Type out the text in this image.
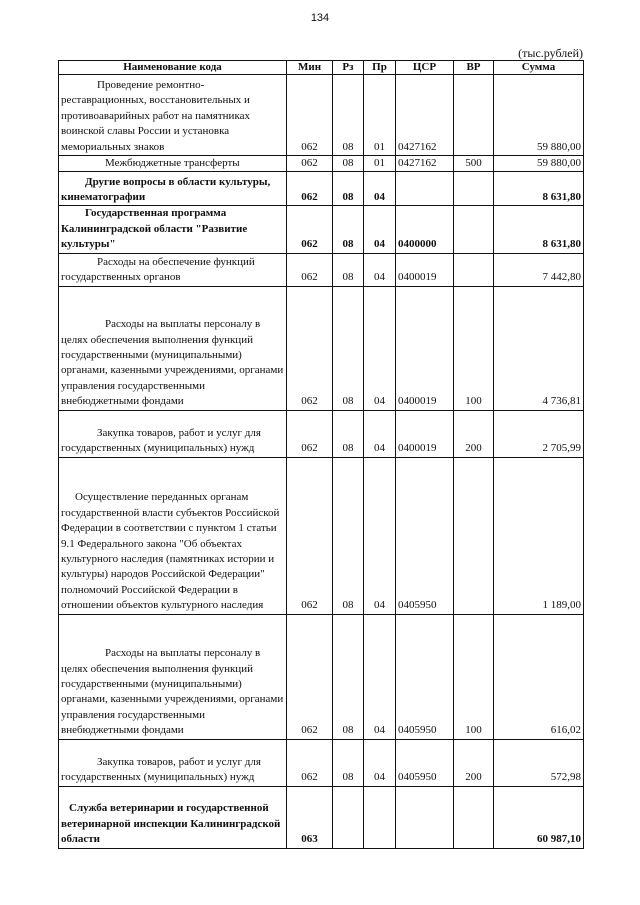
134
(тыс.рублей)
Наименование кода	Мин	Рз	Пр	ЦСР	ВР	Сумма
Проведение ремонтно-реставрационных, восстановительных и противоаварийных работ на памятниках воинской славы России и установка мемориальных знаков	062	08	01	0427162		59 880,00
Межбюджетные трансферты	062	08	01	0427162	500	59 880,00
Другие вопросы в области культуры, кинематографии	062	08	04			8 631,80
Государственная программа Калининградской области "Развитие культуры"	062	08	04	0400000		8 631,80
Расходы на обеспечение функций государственных органов	062	08	04	0400019		7 442,80
Расходы на выплаты персоналу в целях обеспечения выполнения функций государственными (муниципальными) органами, казенными учреждениями, органами управления государственными внебюджетными фондами	062	08	04	0400019	100	4 736,81
Закупка товаров, работ и услуг для государственных (муниципальных) нужд	062	08	04	0400019	200	2 705,99
Осуществление переданных органам государственной власти субъектов Российской Федерации в соответствии с пунктом 1 статьи 9.1 Федерального закона "Об объектах культурного наследия (памятниках истории и культуры) народов Российской Федерации" полномочий Российской Федерации в отношении объектов культурного наследия	062	08	04	0405950		1 189,00
Расходы на выплаты персоналу в целях обеспечения выполнения функций государственными (муниципальными) органами, казенными учреждениями, органами управления государственными внебюджетными фондами	062	08	04	0405950	100	616,02
Закупка товаров, работ и услуг для государственных (муниципальных) нужд	062	08	04	0405950	200	572,98
Служба ветеринарии и государственной ветеринарной инспекции Калининградской области	063					60 987,10
